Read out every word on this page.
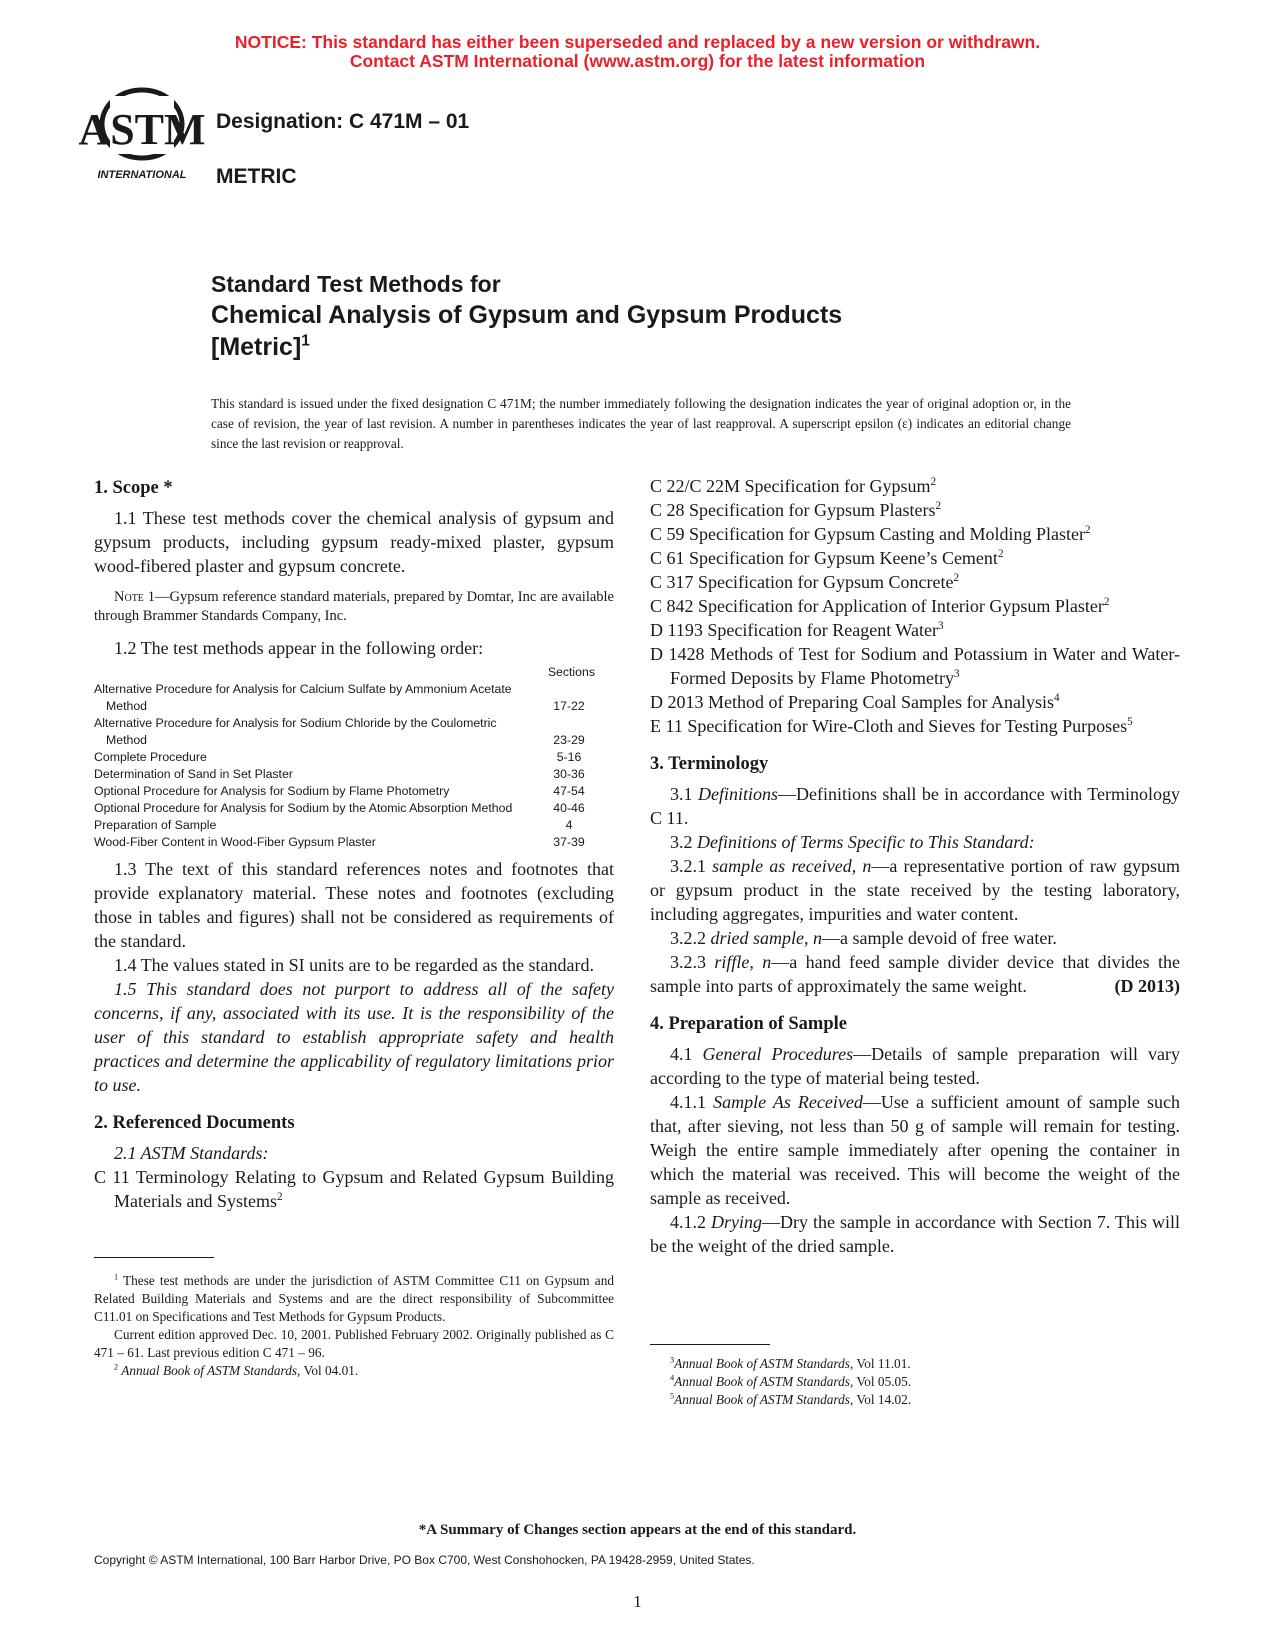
NOTICE: This standard has either been superseded and replaced by a new version or withdrawn.
Contact ASTM International (www.astm.org) for the latest information
ASTM
INTERNATIONAL
Designation: C 471M – 01
METRIC
Standard Test Methods for
Chemical Analysis of Gypsum and Gypsum Products
[Metric]$^1$
This standard is issued under the fixed designation C 471M; the number immediately following the designation indicates the year of original adoption or, in the case of revision, the year of last revision. A number in parentheses indicates the year of last reapproval. A superscript epsilon (ε) indicates an editorial change since the last revision or reapproval.
1. Scope *

1.1 These test methods cover the chemical analysis of gypsum and gypsum products, including gypsum ready-mixed plaster, gypsum wood-fibered plaster and gypsum concrete.

Note 1—Gypsum reference standard materials, prepared by Domtar, Inc are available through Brammer Standards Company, Inc.

1.2 The test methods appear in the following order:

Sections
Alternative Procedure for Analysis for Calcium Sulfate by Ammonium Acetate Method	17-22
Alternative Procedure for Analysis for Sodium Chloride by the Coulometric Method	23-29
Complete Procedure	5-16
Determination of Sand in Set Plaster	30-36
Optional Procedure for Analysis for Sodium by Flame Photometry	47-54
Optional Procedure for Analysis for Sodium by the Atomic Absorption Method	40-46
Preparation of Sample	4
Wood-Fiber Content in Wood-Fiber Gypsum Plaster	37-39

1.3 The text of this standard references notes and footnotes that provide explanatory material. These notes and footnotes (excluding those in tables and figures) shall not be considered as requirements of the standard.

1.4 The values stated in SI units are to be regarded as the standard.

1.5 This standard does not purport to address all of the safety concerns, if any, associated with its use. It is the responsibility of the user of this standard to establish appropriate safety and health practices and determine the applicability of regulatory limitations prior to use.

2. Referenced Documents

2.1 ASTM Standards:

C 11 Terminology Relating to Gypsum and Related Gypsum Building Materials and Systems$^2$

$^1$ These test methods are under the jurisdiction of ASTM Committee C11 on Gypsum and Related Building Materials and Systems and are the direct responsibility of Subcommittee C11.01 on Specifications and Test Methods for Gypsum Products.

Current edition approved Dec. 10, 2001. Published February 2002. Originally published as C 471 – 61. Last previous edition C 471 – 96.

$^2$ Annual Book of ASTM Standards, Vol 04.01.

C 22/C 22M Specification for Gypsum$^2$

C 28 Specification for Gypsum Plasters$^2$

C 59 Specification for Gypsum Casting and Molding Plaster$^2$

C 61 Specification for Gypsum Keene’s Cement$^2$

C 317 Specification for Gypsum Concrete$^2$

C 842 Specification for Application of Interior Gypsum Plaster$^2$

D 1193 Specification for Reagent Water$^3$

D 1428 Methods of Test for Sodium and Potassium in Water and Water-Formed Deposits by Flame Photometry$^3$

D 2013 Method of Preparing Coal Samples for Analysis$^4$

E 11 Specification for Wire-Cloth and Sieves for Testing Purposes$^5$

3. Terminology

3.1 Definitions—Definitions shall be in accordance with Terminology C 11.

3.2 Definitions of Terms Specific to This Standard:

3.2.1 sample as received, n—a representative portion of raw gypsum or gypsum product in the state received by the testing laboratory, including aggregates, impurities and water content.

3.2.2 dried sample, n—a sample devoid of free water.

3.2.3 riffle, n—a hand feed sample divider device that divides the sample into parts of approximately the same weight.	(D 2013)

4. Preparation of Sample

4.1 General Procedures—Details of sample preparation will vary according to the type of material being tested.

4.1.1 Sample As Received—Use a sufficient amount of sample such that, after sieving, not less than 50 g of sample will remain for testing. Weigh the entire sample immediately after opening the container in which the material was received. This will become the weight of the sample as received.

4.1.2 Drying—Dry the sample in accordance with Section 7. This will be the weight of the dried sample.

$^3$Annual Book of ASTM Standards, Vol 11.01.

$^4$Annual Book of ASTM Standards, Vol 05.05.

$^5$Annual Book of ASTM Standards, Vol 14.02.

*A Summary of Changes section appears at the end of this standard.
Copyright © ASTM International, 100 Barr Harbor Drive, PO Box C700, West Conshohocken, PA 19428-2959, United States.
1
